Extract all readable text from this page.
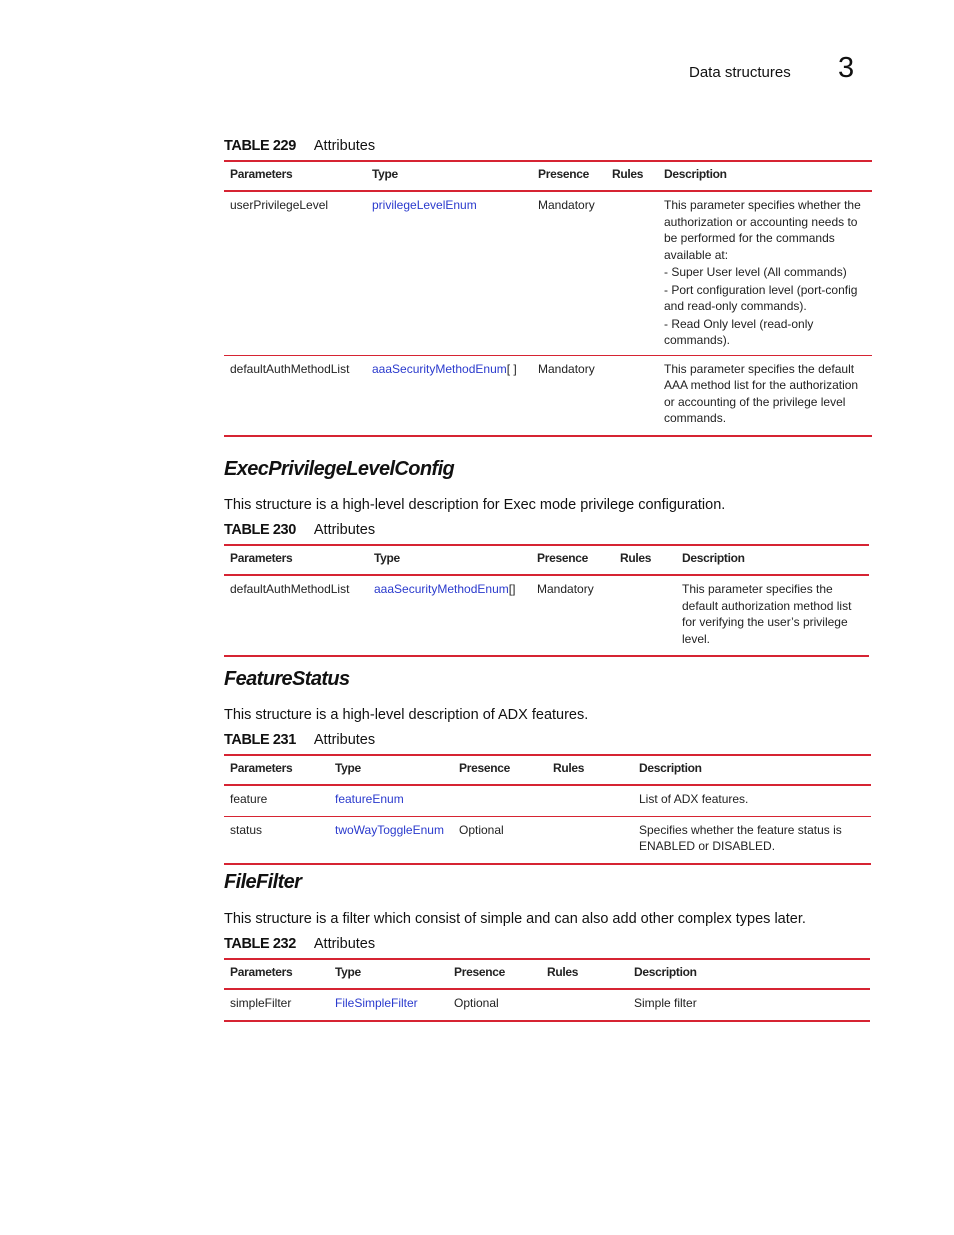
Data structures 3
TABLE 229 Attributes
Parameters	Type	Presence	Rules	Description
userPrivilegeLevel	privilegeLevelEnum	Mandatory		This parameter specifies whether the authorization or accounting needs to be performed for the commands available at:
- Super User level (All commands)
- Port configuration level (port-config and read-only commands).
- Read Only level (read-only commands).

defaultAuthMethodList	aaaSecurityMethodEnum[ ]	Mandatory		This parameter specifies the default AAA method list for the authorization or accounting of the privilege level commands.
ExecPrivilegeLevelConfig
This structure is a high-level description for Exec mode privilege configuration.
TABLE 230 Attributes
Parameters	Type	Presence	Rules	Description
defaultAuthMethodList	aaaSecurityMethodEnum[]	Mandatory		This parameter specifies the default authorization method list for verifying the user’s privilege level.
FeatureStatus
This structure is a high-level description of ADX features.
TABLE 231 Attributes
Parameters	Type	Presence	Rules	Description
feature	featureEnum			List of ADX features.
status	twoWayToggleEnum	Optional		Specifies whether the feature status is ENABLED or DISABLED.
FileFilter
This structure is a filter which consist of simple and can also add other complex types later.
TABLE 232 Attributes
Parameters	Type	Presence	Rules	Description
simpleFilter	FileSimpleFilter	Optional		Simple filter
